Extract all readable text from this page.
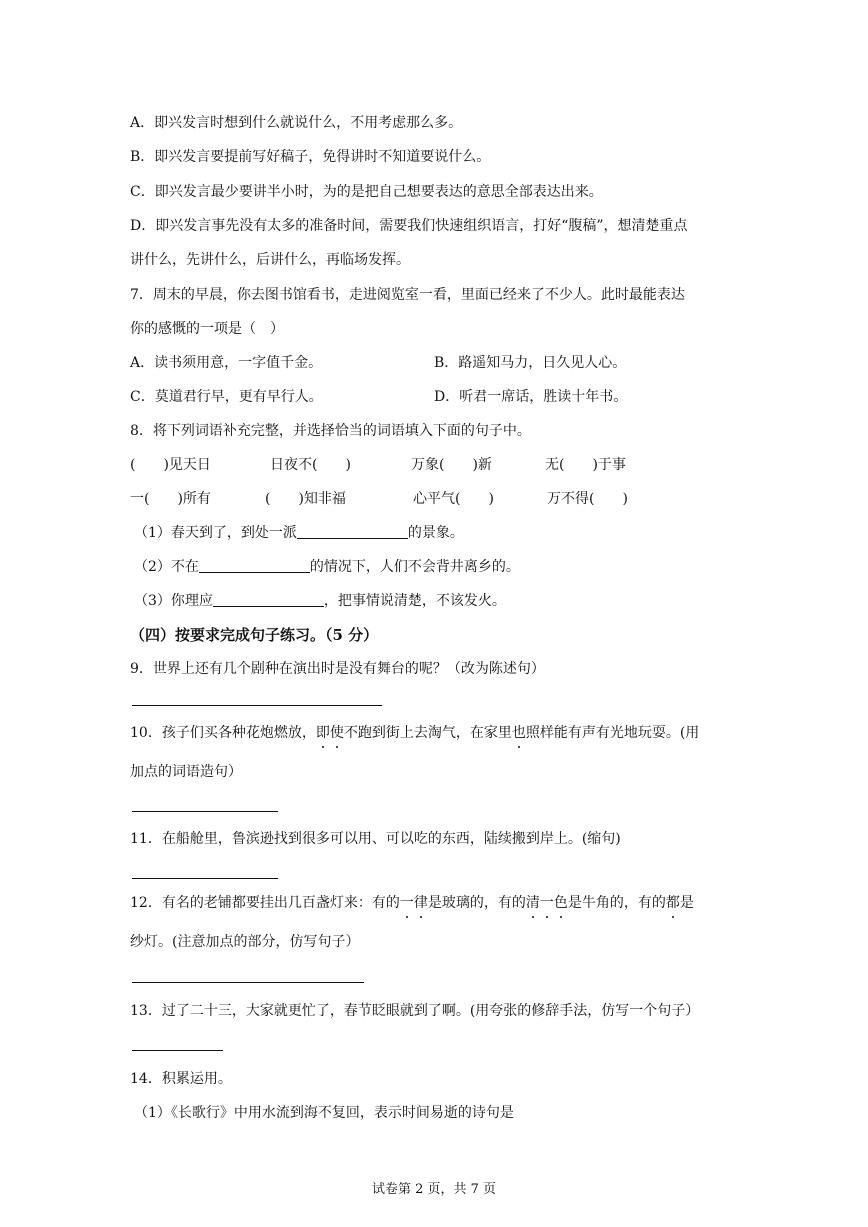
A．即兴发言时想到什么就说什么，不用考虑那么多。
B．即兴发言要提前写好稿子，免得讲时不知道要说什么。
C．即兴发言最少要讲半小时，为的是把自己想要表达的意思全部表达出来。
D．即兴发言事先没有太多的准备时间，需要我们快速组织语言，打好“腹稿”，想清楚重点
讲什么，先讲什么，后讲什么，再临场发挥。
7．周末的早晨，你去图书馆看书，走进阅览室一看，里面已经来了不少人。此时最能表达
你的感慨的一项是（　）
A．读书须用意，一字值千金。	B．路遥知马力，日久见人心。
C．莫道君行早，更有早行人。	D．听君一席话，胜读十年书。
8．将下列词语补充完整，并选择恰当的词语填入下面的句子中。
(　　)见天日	日夜不(　　)	万象(　　)新	无(　　)于事
一(　　)所有	(　　)知非福	心平气(　　)	万不得(　　)
（1）春天到了，到处一派	的景象。
（2）不在	的情况下，人们不会背井离乡的。
（3）你理应	，把事情说清楚，不该发火。
（四）按要求完成句子练习。（5 分）
9．世界上还有几个剧种在演出时是没有舞台的呢？（改为陈述句）
10．孩子们买各种花炮燃放，即使不跑到街上去淘气，在家里也照样能有声有光地玩耍。(用
加点的词语造句）
11．在船舱里，鲁滨逊找到很多可以用、可以吃的东西，陆续搬到岸上。(缩句)
12．有名的老铺都要挂出几百盏灯来：有的一律是玻璃的，有的清一色是牛角的，有的都是
纱灯。(注意加点的部分，仿写句子）
13．过了二十三，大家就更忙了，春节眨眼就到了啊。(用夸张的修辞手法，仿写一个句子）
14．积累运用。
（1）《长歌行》中用水流到海不复回，表示时间易逝的诗句是
试卷第 2 页，共 7 页
